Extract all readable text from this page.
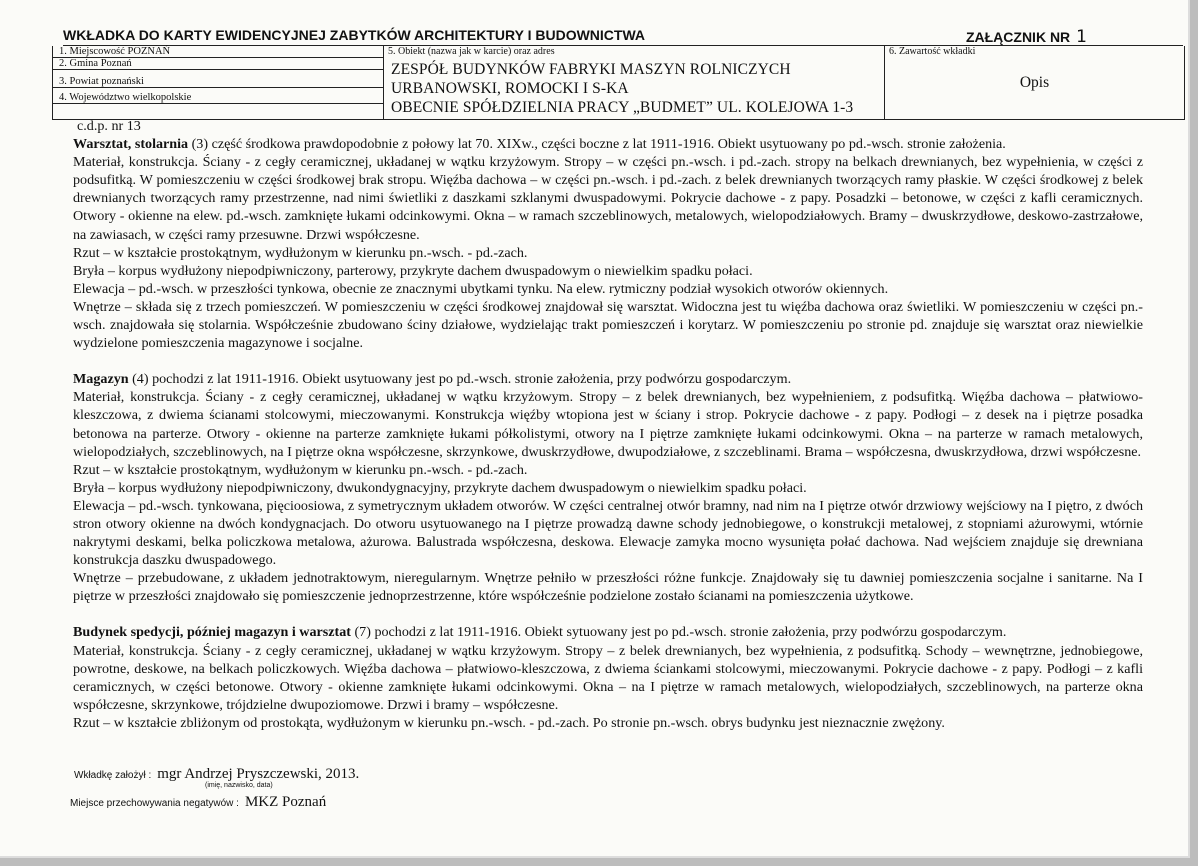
WKŁADKA DO KARTY EWIDENCYJNEJ ZABYTKÓW ARCHITEKTURY I BUDOWNICTWA	ZAŁĄCZNIK NR 1
1. Miejscowość POZNAŃ
2. Gmina Poznań
3. Powiat poznański
4. Województwo wielkopolskie
5. Obiekt (nazwa jak w karcie) oraz adres
ZESPÓŁ BUDYNKÓW FABRYKI MASZYN ROLNICZYCH
URBANOWSKI, ROMOCKI I S-KA
OBECNIE SPÓŁDZIELNIA PRACY „BUDMET” UL. KOLEJOWA 1-3
6. Zawartość wkładki
Opis

c.d.p. nr 13

Warsztat, stolarnia (3) część środkowa prawdopodobnie z połowy lat 70. XIXw., części boczne z lat 1911-1916. Obiekt usytuowany po pd.-wsch. stronie założenia.

Materiał, konstrukcja. Ściany - z cegły ceramicznej, układanej w wątku krzyżowym. Stropy – w części pn.-wsch. i pd.-zach. stropy na belkach drewnianych, bez wypełnienia, w części z podsufitką. W pomieszczeniu w części środkowej brak stropu. Więźba dachowa – w części pn.-wsch. i pd.-zach. z belek drewnianych tworzących ramy płaskie. W części środkowej z belek drewnianych tworzących ramy przestrzenne, nad nimi świetliki z daszkami szklanymi dwuspadowymi. Pokrycie dachowe - z papy. Posadzki – betonowe, w części z kafli ceramicznych. Otwory - okienne na elew. pd.-wsch. zamknięte łukami odcinkowymi. Okna – w ramach szczeblinowych, metalowych, wielopodziałowych. Bramy – dwuskrzydłowe, deskowo-zastrzałowe, na zawiasach, w części ramy przesuwne. Drzwi współczesne.

Rzut – w kształcie prostokątnym, wydłużonym w kierunku pn.-wsch. - pd.-zach.

Bryła – korpus wydłużony niepodpiwniczony, parterowy, przykryte dachem dwuspadowym o niewielkim spadku połaci.

Elewacja – pd.-wsch. w przeszłości tynkowa, obecnie ze znacznymi ubytkami tynku. Na elew. rytmiczny podział wysokich otworów okiennych.

Wnętrze – składa się z trzech pomieszczeń. W pomieszczeniu w części środkowej znajdował się warsztat. Widoczna jest tu więźba dachowa oraz świetliki. W pomieszczeniu w części pn.-wsch. znajdowała się stolarnia. Współcześnie zbudowano ściny działowe, wydzielając trakt pomieszczeń i korytarz. W pomieszczeniu po stronie pd. znajduje się warsztat oraz niewielkie wydzielone pomieszczenia magazynowe i socjalne.

Magazyn (4) pochodzi z lat 1911-1916. Obiekt usytuowany jest po pd.-wsch. stronie założenia, przy podwórzu gospodarczym.

Materiał, konstrukcja. Ściany - z cegły ceramicznej, układanej w wątku krzyżowym. Stropy – z belek drewnianych, bez wypełnieniem, z podsufitką. Więźba dachowa – płatwiowo-kleszczowa, z dwiema ścianami stolcowymi, mieczowanymi. Konstrukcja więźby wtopiona jest w ściany i strop. Pokrycie dachowe - z papy. Podłogi – z desek na i piętrze posadka betonowa na parterze. Otwory - okienne na parterze zamknięte łukami półkolistymi, otwory na I piętrze zamknięte łukami odcinkowymi. Okna – na parterze w ramach metalowych, wielopodziałych, szczeblinowych, na I piętrze okna współczesne, skrzynkowe, dwuskrzydłowe, dwupodziałowe, z szczeblinami. Brama – współczesna, dwuskrzydłowa, drzwi współczesne.

Rzut – w kształcie prostokątnym, wydłużonym w kierunku pn.-wsch. - pd.-zach.

Bryła – korpus wydłużony niepodpiwniczony, dwukondygnacyjny, przykryte dachem dwuspadowym o niewielkim spadku połaci.

Elewacja – pd.-wsch. tynkowana, pięcioosiowa, z symetrycznym układem otworów. W części centralnej otwór bramny, nad nim na I piętrze otwór drzwiowy wejściowy na I piętro, z dwóch stron otwory okienne na dwóch kondygnacjach. Do otworu usytuowanego na I piętrze prowadzą dawne schody jednobiegowe, o konstrukcji metalowej, z stopniami ażurowymi, wtórnie nakrytymi deskami, belka policzkowa metalowa, ażurowa. Balustrada współczesna, deskowa. Elewacje zamyka mocno wysunięta połać dachowa. Nad wejściem znajduje się drewniana konstrukcja daszku dwuspadowego.

Wnętrze – przebudowane, z układem jednotraktowym, nieregularnym. Wnętrze pełniło w przeszłości różne funkcje. Znajdowały się tu dawniej pomieszczenia socjalne i sanitarne. Na I piętrze w przeszłości znajdowało się pomieszczenie jednoprzestrzenne, które współcześnie podzielone zostało ścianami na pomieszczenia użytkowe.

Budynek spedycji, później magazyn i warsztat (7) pochodzi z lat 1911-1916. Obiekt sytuowany jest po pd.-wsch. stronie założenia, przy podwórzu gospodarczym.

Materiał, konstrukcja. Ściany - z cegły ceramicznej, układanej w wątku krzyżowym. Stropy – z belek drewnianych, bez wypełnienia, z podsufitką. Schody – wewnętrzne, jednobiegowe, powrotne, deskowe, na belkach policzkowych. Więźba dachowa – płatwiowo-kleszczowa, z dwiema ściankami stolcowymi, mieczowanymi. Pokrycie dachowe - z papy. Podłogi – z kafli ceramicznych, w części betonowe. Otwory - okienne zamknięte łukami odcinkowymi. Okna – na I piętrze w ramach metalowych, wielopodziałych, szczeblinowych, na parterze okna współczesne, skrzynkowe, trójdzielne dwupoziomowe. Drzwi i bramy – współczesne.

Rzut – w kształcie zbliżonym od prostokąta, wydłużonym w kierunku pn.-wsch. - pd.-zach. Po stronie pn.-wsch. obrys budynku jest nieznacznie zwężony.

Wkładkę założył : mgr Andrzej Pryszczewski, 2013.
(imię, nazwisko, data)
Miejsce przechowywania negatywów : MKZ Poznań
